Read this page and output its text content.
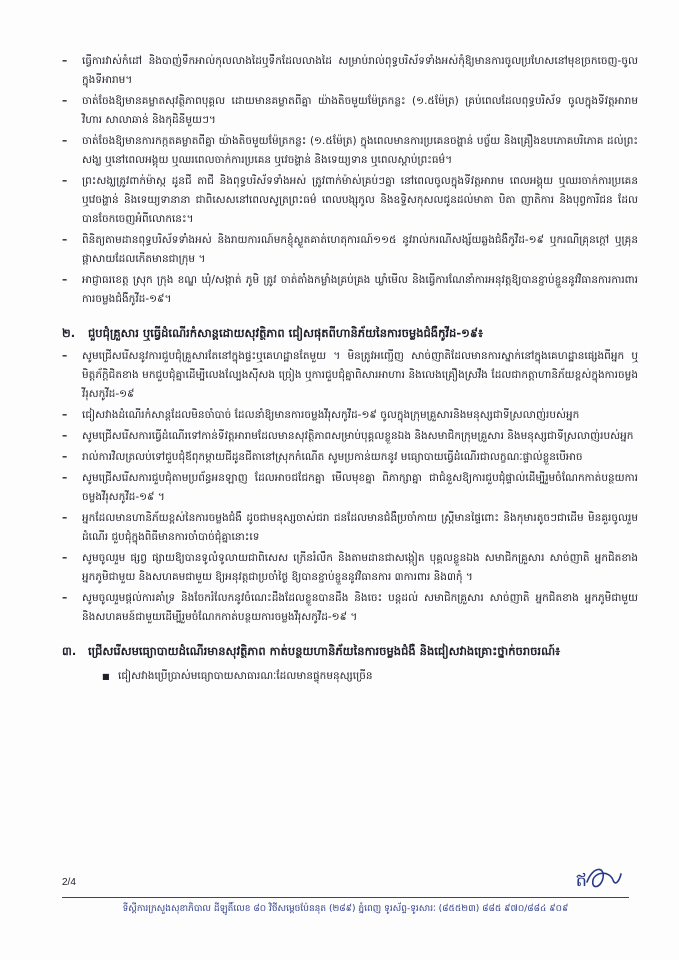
–	ធ្វើការវាស់កំដៅ និងបាញ់ទឹកអាល់កុលលាងដៃឬទឹកដែលលាងដៃ សម្រាប់រាល់ពុទ្ធបរិស័ទទាំងអស់កុំឱ្យមានការចូលប្រហែសនៅមុខច្រកចេញ-ចូលក្នុងទីអារាម។
–	ចាត់ចែងឱ្យមានគម្លាតសុវត្ថិភាពបុគ្គល ដោយមានគម្លាតពីគ្នា យ៉ាងតិចមួយម៉ែត្រកន្លះ (១.៥ម៉ែត្រ) គ្រប់ពេលដែលពុទ្ធបរិស័ទ ចូលក្នុងទីវត្តអារាម វិហារ សាលាឆាន់ និងកុដិនីមួយៗ។
–	ចាត់ចែងឱ្យមានការកក្កតគម្លាតពីគ្នា យ៉ាងតិចមួយម៉ែត្រកន្លះ (១.៥ម៉ែត្រ) ក្នុងពេលមានការប្រគេនចង្ហាន់ បច្ច័យ និងគ្រឿងឧបភោគបរិភោគ ដល់ព្រះសង្ឃ ឬនៅពេលអង្គុយ ឬឈរពេលចាក់ការប្រគេន ឬវេចង្ហាន់ និងទេយ្យទាន ឬពេលស្តាប់ព្រះធម៌។
–	ព្រះសង្ឃត្រូវពាក់ម៉ាស្ក ដូនជី តាជី និងពុទ្ធបរិស័ទទាំងអស់ ត្រូវពាក់ម៉ាស់គ្រប់ៗគ្នា នៅពេលចូលក្នុងទីវត្តអារាម ពេលអង្គុយ ឬឈរចាក់ការប្រគេន ឬវេចង្ហាន់ និងទេយ្យទានានា ជាពិសេសនៅពេលសូត្រព្រះធម៌ ពេលបង្សុកូល និងឧទ្ទិសកុសលជូនដល់មាតា បិតា ញាតិការ និងបុព្វការីជន ដែលបានចែកចេញអំពីលោកនេះ។
–	ពិនិត្យតាមដានពុទ្ធបរិស័ទទាំងអស់ និងរាយការណ៍មកខ្ញុំស្ងួតគាត់ហេតុការណ៍១១៥ នូវរាល់ករណីសង្ស័យឆ្លងជំងឺកូវីដ-១៩ ឬករណីគ្រុនក្តៅ ឬគ្រុនផ្តាសាយដែលកើតមានជាក្រុម ។
–	អាជ្ញាធរខេត្ត ស្រុក ក្រុង ខណ្ឌ ឃុំ/សង្កាត់ ភូមិ ត្រូវ ចាត់តាំងកម្លាំងគ្រប់គ្រង ឃ្លាំមើល និងធ្វើការណែនាំការអនុវត្តឱ្យបានខ្ជាប់ខ្ជួននូវវិធានការការពារការចម្លងជំងឺកូវីដ-១៩។
២. ជួបជុំគ្រួសារ ឬធ្វើដំណើរកំសាន្តដោយសុវត្ថិភាព ជៀសផុតពីហានិភ័យនៃការចម្លងជំងឺកូវីដ-១៩៖
–	សូមជ្រើសរើសនូវការជួបជុំគ្រួសារតែនៅក្នុងផ្ទះឬគេហដ្ឋានតែមួយ ។ មិនត្រូវអញ្ជើញ សាច់ញាតិដែលមានការស្នាក់នៅក្នុងគេហដ្ឋានផ្សេងពីអ្នក ឬ មិត្តភ័ក្តិជិតខាង មកជួបជុំគ្នាដើម្បីលេងល្បែងសុីសង ច្រៀង ឬការជួបជុំគ្នាពិសារអាហារ និងលេងគ្រឿងស្រវឹង ដែលជាកត្តាហានិភ័យខ្ពស់ក្នុងការចម្លងវីរុសកូវីដ-១៩
–	ជៀសវាងដំណើរកំសាន្តដែលមិនចាំបាច់ ដែលនាំឱ្យមានការចម្លងវីរុសកូវីដ-១៩ ចូលក្នុងក្រុមគ្រួសារនិងមនុស្សជាទីស្រលាញ់របស់អ្នក
–	សូមជ្រើសរើសការធ្វើដំណើរទៅកាន់ទីវត្តអារាមដែលមានសុវត្ថិភាពសម្រាប់បុគ្គលខ្លួនឯង និងសមាជិកក្រុមគ្រួសារ និងមនុស្សជាទីស្រលាញ់របស់អ្នក
–	រាល់ការវិលត្រលប់ទៅជួបជុំឪពុកម្តាយជីដូនជីតានៅស្រុកកំណើត សូមប្រកាន់យកនូវ មធ្យោបាយធ្វើដំណើរជាលក្ខណៈផ្ទាល់ខ្លួនបើអាច
–	សូមជ្រើសរើសការជួបជុំតាមប្រព័ន្ធអនឡាញ ដែលអាចជជែកគ្នា មើលមុខគ្នា ពិភាក្សាគ្នា ជាជំនួសឱ្យការជួបជុំផ្ទាល់ដើម្បីរួមចំណែកកាត់បន្ថយការចម្លងវីរុសកូវីដ-១៩ ។
–	អ្នកដែលមានហានិភ័យខ្ពស់នៃការចម្លងជំងឺ ដូចជាមនុស្សចាស់ជរា ជនដែលមានជំងឺប្រចាំកាយ ស្ត្រីមានផ្ទៃពោះ និងកុមារតូចៗជាដើម មិនគួរចូលរួមដំណើរ ជួបជុំក្នុងពិធីមានការចាំបាច់ជុំគ្នានោះទេ
–	សូមចូលរួម ផ្សព្វ ផ្សាយឱ្យបានទូលំទូលាយជាពិសេស ក្រើនរំលឹក និងតាមដានជាសង្កៀត បុគ្គលខ្លួនឯង សមាជិកគ្រួសារ សាច់ញាតិ អ្នកជិតខាង អ្នកភូមិជាមួយ និងសហគមជាមួយ ឱ្យអនុវត្តជាប្រចាំថ្ងៃ ឱ្យបានខ្ជាប់ខ្ជួននូវវិធានការ ៣ការពារ និង៣កុំ ។
–	សូមចូលរួមផ្តល់ការគាំទ្រ និងចែករំលែកនូវចំណេះដឹងដែលខ្លួនបានដឹង និងចេះ បន្តដល់ សមាជិកគ្រួសារ សាច់ញាតិ អ្នកជិតខាង អ្នកភូមិជាមួយ និងសហគមន៍ជាមួយដើម្បីរួមចំណែកកាត់បន្ថយការចម្លងវីរុសកូវីដ-១៩ ។
៣. ជ្រើសរើសមធ្យោបាយដំណើរមានសុវត្ថិភាព កាត់បន្ថយហានិភ័យនៃការចម្លងជំងឺ និងជៀសវាងគ្រោះថ្នាក់ចរាចរណ៍៖
■ ជៀសវាងប្រើប្រាស់មធ្យោបាយសាធារណៈដែលមានផ្ទុកមនុស្សច្រើន
2/4	ឥ
ទីស្តីការក្រសួងសុខាភិបាល ដីឡូតិ៍លេខ ៨០ វិថីសម្តេចប៉ែននុត (២៨៩) ភ្នំពេញ ទូរស័ព្ទ-ទូរសារៈ (៨៥៥២៣) ៨៨៥ ៩៧០/៨៨៤ ៩០៩
